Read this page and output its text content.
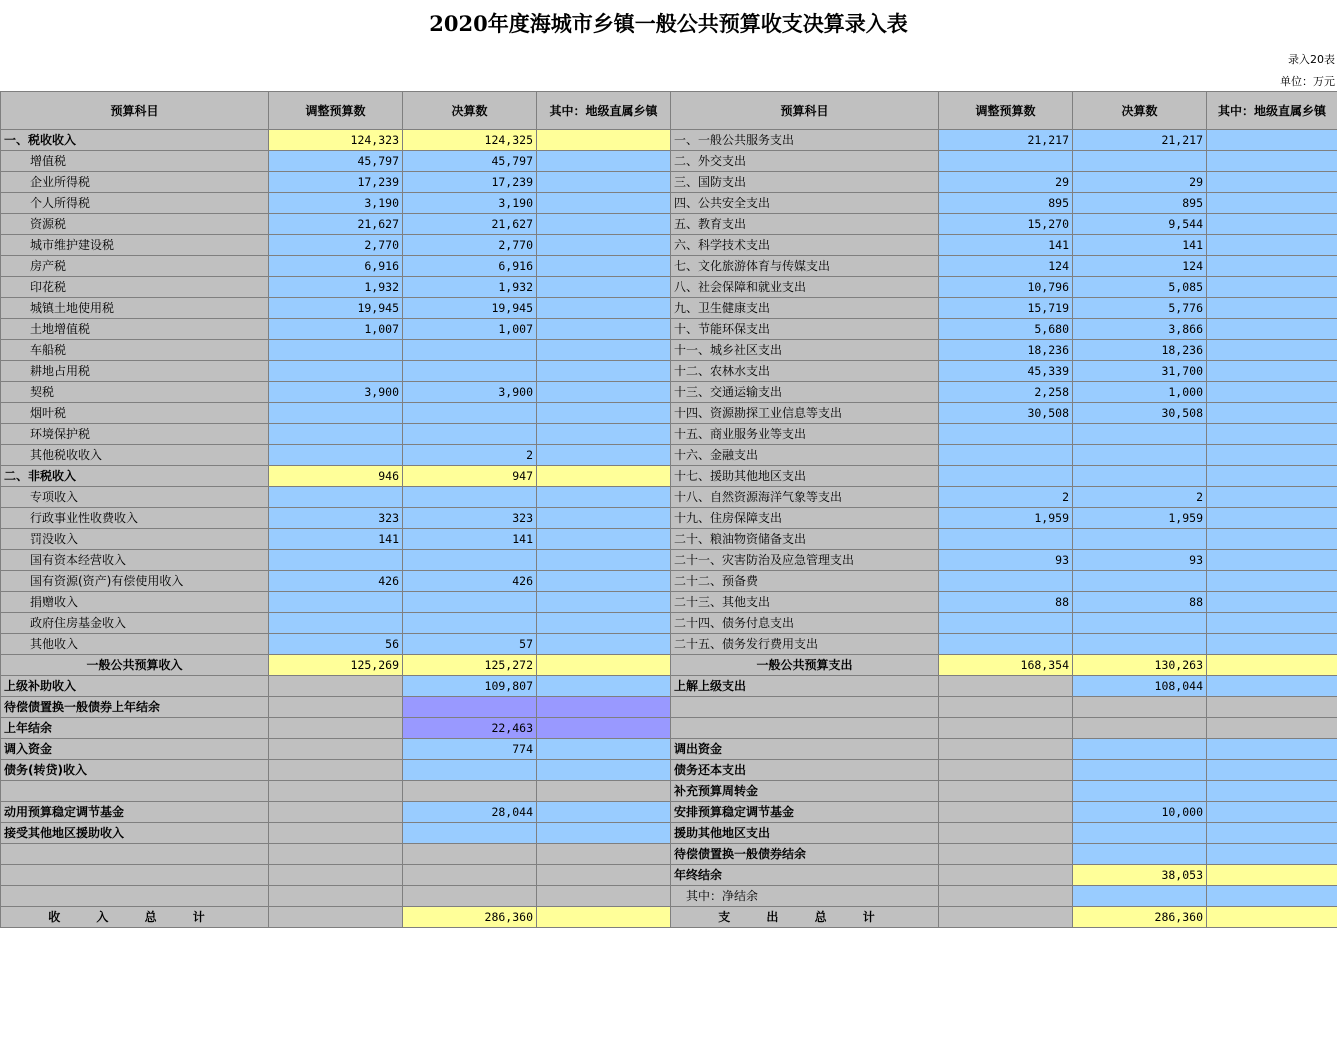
2020年度海城市乡镇一般公共预算收支决算录入表
录入20表
单位：万元
预算科目	调整预算数	决算数	其中：地级直属乡镇	预算科目	调整预算数	决算数	其中：地级直属乡镇
一、税收收入	124,323	124,325		一、一般公共服务支出	21,217	21,217	
增值税	45,797	45,797		二、外交支出			
企业所得税	17,239	17,239		三、国防支出	29	29	
个人所得税	3,190	3,190		四、公共安全支出	895	895	
资源税	21,627	21,627		五、教育支出	15,270	9,544	
城市维护建设税	2,770	2,770		六、科学技术支出	141	141	
房产税	6,916	6,916		七、文化旅游体育与传媒支出	124	124	
印花税	1,932	1,932		八、社会保障和就业支出	10,796	5,085	
城镇土地使用税	19,945	19,945		九、卫生健康支出	15,719	5,776	
土地增值税	1,007	1,007		十、节能环保支出	5,680	3,866	
车船税				十一、城乡社区支出	18,236	18,236	
耕地占用税				十二、农林水支出	45,339	31,700	
契税	3,900	3,900		十三、交通运输支出	2,258	1,000	
烟叶税				十四、资源勘探工业信息等支出	30,508	30,508	
环境保护税				十五、商业服务业等支出			
其他税收收入		2		十六、金融支出			
二、非税收入	946	947		十七、援助其他地区支出			
专项收入				十八、自然资源海洋气象等支出	2	2	
行政事业性收费收入	323	323		十九、住房保障支出	1,959	1,959	
罚没收入	141	141		二十、粮油物资储备支出			
国有资本经营收入				二十一、灾害防治及应急管理支出	93	93	
国有资源(资产)有偿使用收入	426	426		二十二、预备费			
捐赠收入				二十三、其他支出	88	88	
政府住房基金收入				二十四、债务付息支出			
其他收入	56	57		二十五、债务发行费用支出			
一般公共预算收入	125,269	125,272		一般公共预算支出	168,354	130,263	
上级补助收入		109,807		上解上级支出		108,044	
待偿债置换一般债券上年结余							
上年结余		22,463					
调入资金		774		调出资金			
债务(转贷)收入				债务还本支出			
				补充预算周转金			
动用预算稳定调节基金		28,044		安排预算稳定调节基金		10,000	
接受其他地区援助收入				援助其他地区支出			
				待偿债置换一般债券结余			
				年终结余		38,053	
				其中：净结余			
收 入 总 计		286,360		支 出 总 计		286,360	
